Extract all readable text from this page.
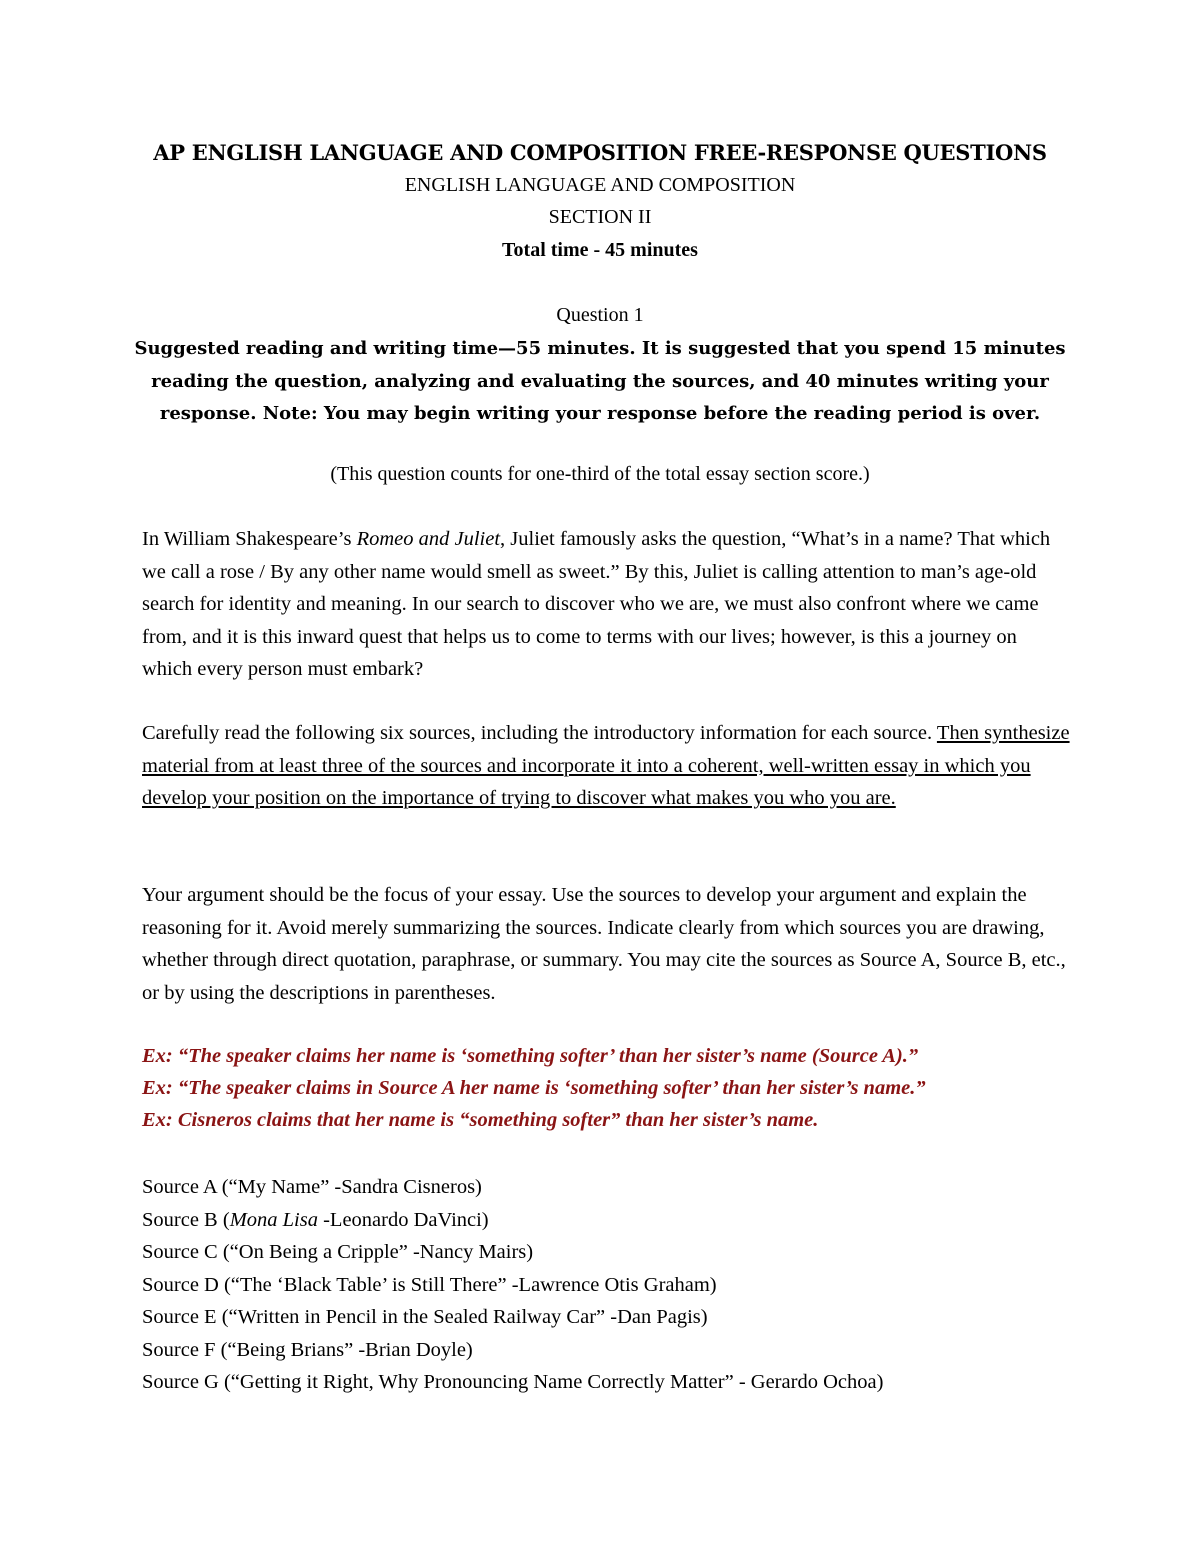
AP ENGLISH LANGUAGE AND COMPOSITION FREE-RESPONSE QUESTIONS
ENGLISH LANGUAGE AND COMPOSITION
SECTION II
Total time - 45 minutes
Question 1

Suggested reading and writing time—55 minutes. It is suggested that you spend 15 minutes reading the question, analyzing and evaluating the sources, and 40 minutes writing your response. Note: You may begin writing your response before the reading period is over.

(This question counts for one-third of the total essay section score.)

In William Shakespeare’s Romeo and Juliet, Juliet famously asks the question, “What’s in a name? That which we call a rose / By any other name would smell as sweet.” By this, Juliet is calling attention to man’s age-old search for identity and meaning. In our search to discover who we are, we must also confront where we came from, and it is this inward quest that helps us to come to terms with our lives; however, is this a journey on which every person must embark?

Carefully read the following six sources, including the introductory information for each source. Then synthesize material from at least three of the sources and incorporate it into a coherent, well-written essay in which you develop your position on the importance of trying to discover what makes you who you are.

Your argument should be the focus of your essay. Use the sources to develop your argument and explain the reasoning for it. Avoid merely summarizing the sources. Indicate clearly from which sources you are drawing, whether through direct quotation, paraphrase, or summary. You may cite the sources as Source A, Source B, etc., or by using the descriptions in parentheses.

Ex: “The speaker claims her name is ‘something softer’ than her sister’s name (Source A).”
Ex: “The speaker claims in Source A her name is ‘something softer’ than her sister’s name.”
Ex: Cisneros claims that her name is “something softer” than her sister’s name.
Source A (“My Name” -Sandra Cisneros)
Source B (Mona Lisa -Leonardo DaVinci)
Source C (“On Being a Cripple” -Nancy Mairs)
Source D (“The ‘Black Table’ is Still There” -Lawrence Otis Graham)
Source E (“Written in Pencil in the Sealed Railway Car” -Dan Pagis)
Source F (“Being Brians” -Brian Doyle)
Source G (“Getting it Right, Why Pronouncing Name Correctly Matter” - Gerardo Ochoa)
